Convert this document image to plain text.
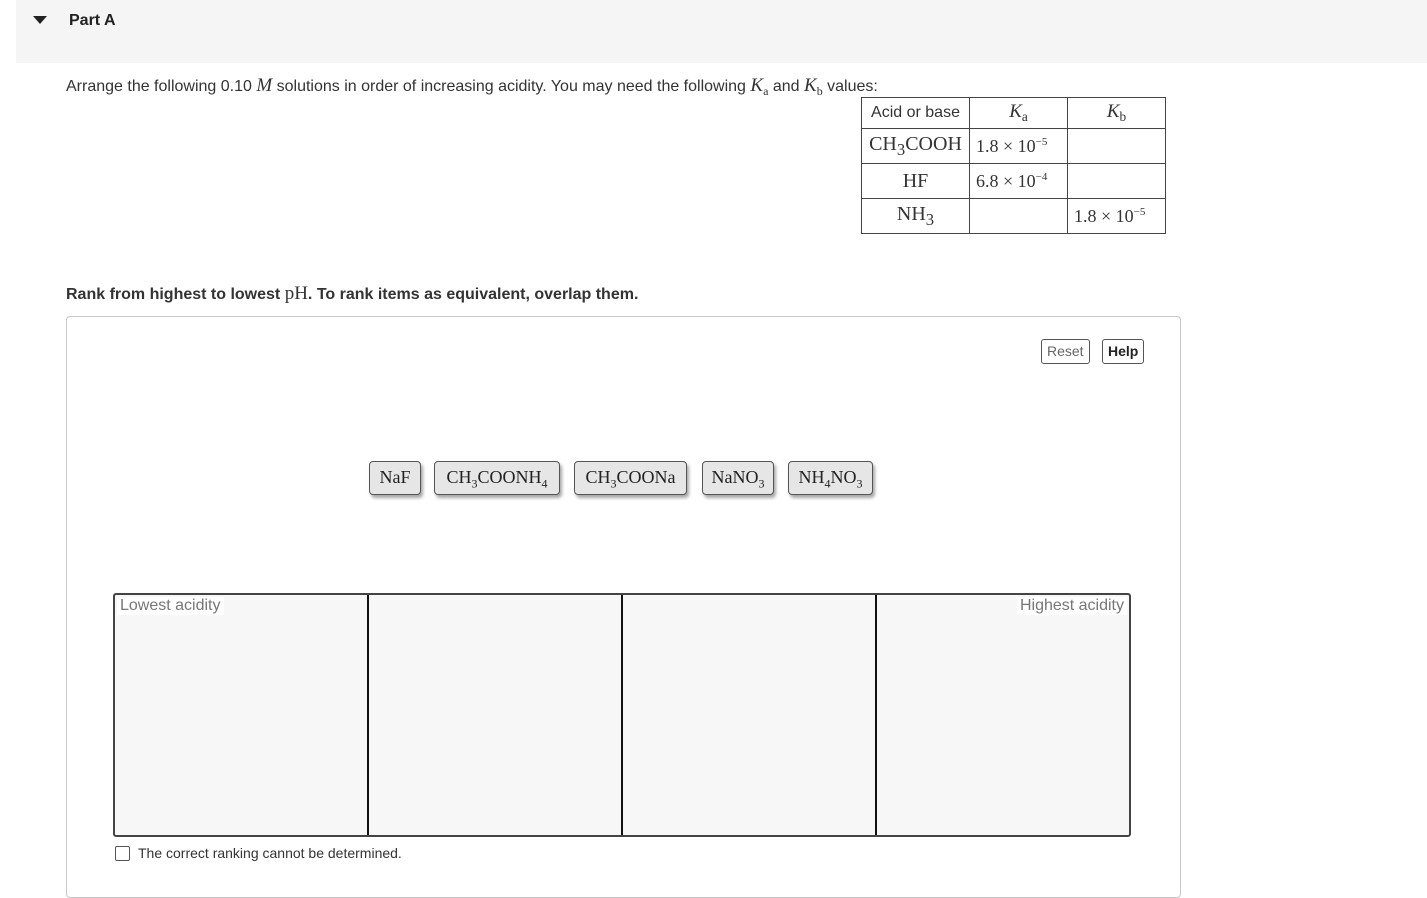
Part A
Arrange the following 0.10 M solutions in order of increasing acidity. You may need the following $K_a$ and $K_b$ values:
Acid or base	$K_a$	$K_b$
$CH_3COOH$	$1.8 \times 10^{-5}$	
HF	$6.8 \times 10^{-4}$	
$NH_3$		$1.8 \times 10^{-5}$
Rank from highest to lowest pH. To rank items as equivalent, overlap them.
Reset	Help
NaF	$CH_3COONH_4$	$CH_3COONa$	NaNO$_3$	$NH_4NO_3$
Lowest acidity	Highest acidity
The correct ranking cannot be determined.
